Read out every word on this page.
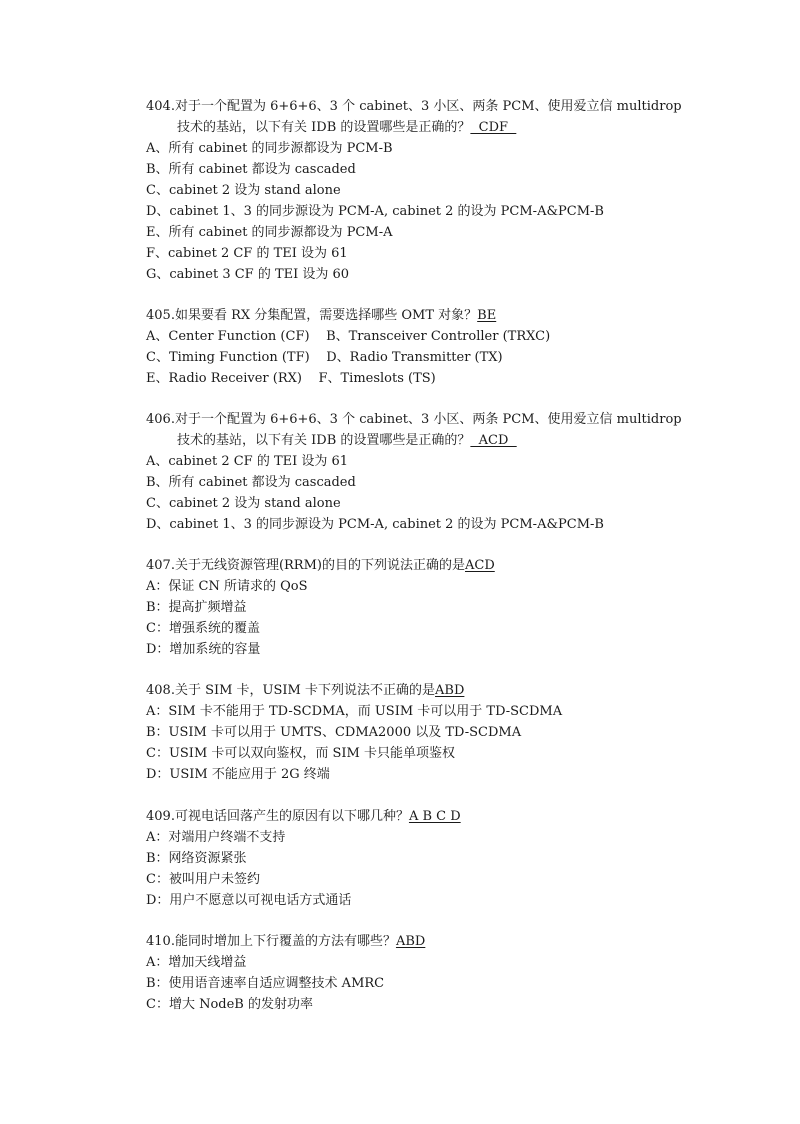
404.对于一个配置为 6+6+6、3 个 cabinet、3 小区、两条 PCM、使用爱立信 multidrop
技术的基站，以下有关 IDB 的设置哪些是正确的？  CDF
A、所有 cabinet 的同步源都设为 PCM-B
B、所有 cabinet 都设为 cascaded
C、cabinet 2 设为 stand alone
D、cabinet 1、3 的同步源设为 PCM-A, cabinet 2 的设为 PCM-A&PCM-B
E、所有 cabinet 的同步源都设为 PCM-A
F、cabinet 2 CF 的 TEI 设为 61
G、cabinet 3 CF 的 TEI 设为 60
405.如果要看 RX 分集配置，需要选择哪些 OMT 对象？BE
A、Center Function (CF)    B、Transceiver Controller (TRXC)
C、Timing Function (TF)    D、Radio Transmitter (TX)
E、Radio Receiver (RX)    F、Timeslots (TS)
406.对于一个配置为 6+6+6、3 个 cabinet、3 小区、两条 PCM、使用爱立信 multidrop
技术的基站，以下有关 IDB 的设置哪些是正确的？  ACD
A、cabinet 2 CF 的 TEI 设为 61
B、所有 cabinet 都设为 cascaded
C、cabinet 2 设为 stand alone
D、cabinet 1、3 的同步源设为 PCM-A, cabinet 2 的设为 PCM-A&PCM-B
407.关于无线资源管理(RRM)的目的下列说法正确的是ACD
A：保证 CN 所请求的 QoS
B：提高扩频增益
C：增强系统的覆盖
D：增加系统的容量
408.关于 SIM 卡，USIM 卡下列说法不正确的是ABD
A：SIM 卡不能用于 TD-SCDMA，而 USIM 卡可以用于 TD-SCDMA
B：USIM 卡可以用于 UMTS、CDMA2000 以及 TD-SCDMA
C：USIM 卡可以双向鉴权，而 SIM 卡只能单项鉴权
D：USIM 不能应用于 2G 终端
409.可视电话回落产生的原因有以下哪几种？A B C D
A：对端用户终端不支持
B：网络资源紧张
C：被叫用户未签约
D：用户不愿意以可视电话方式通话
410.能同时增加上下行覆盖的方法有哪些？ABD
A：增加天线增益
B：使用语音速率自适应调整技术 AMRC
C：增大 NodeB 的发射功率
